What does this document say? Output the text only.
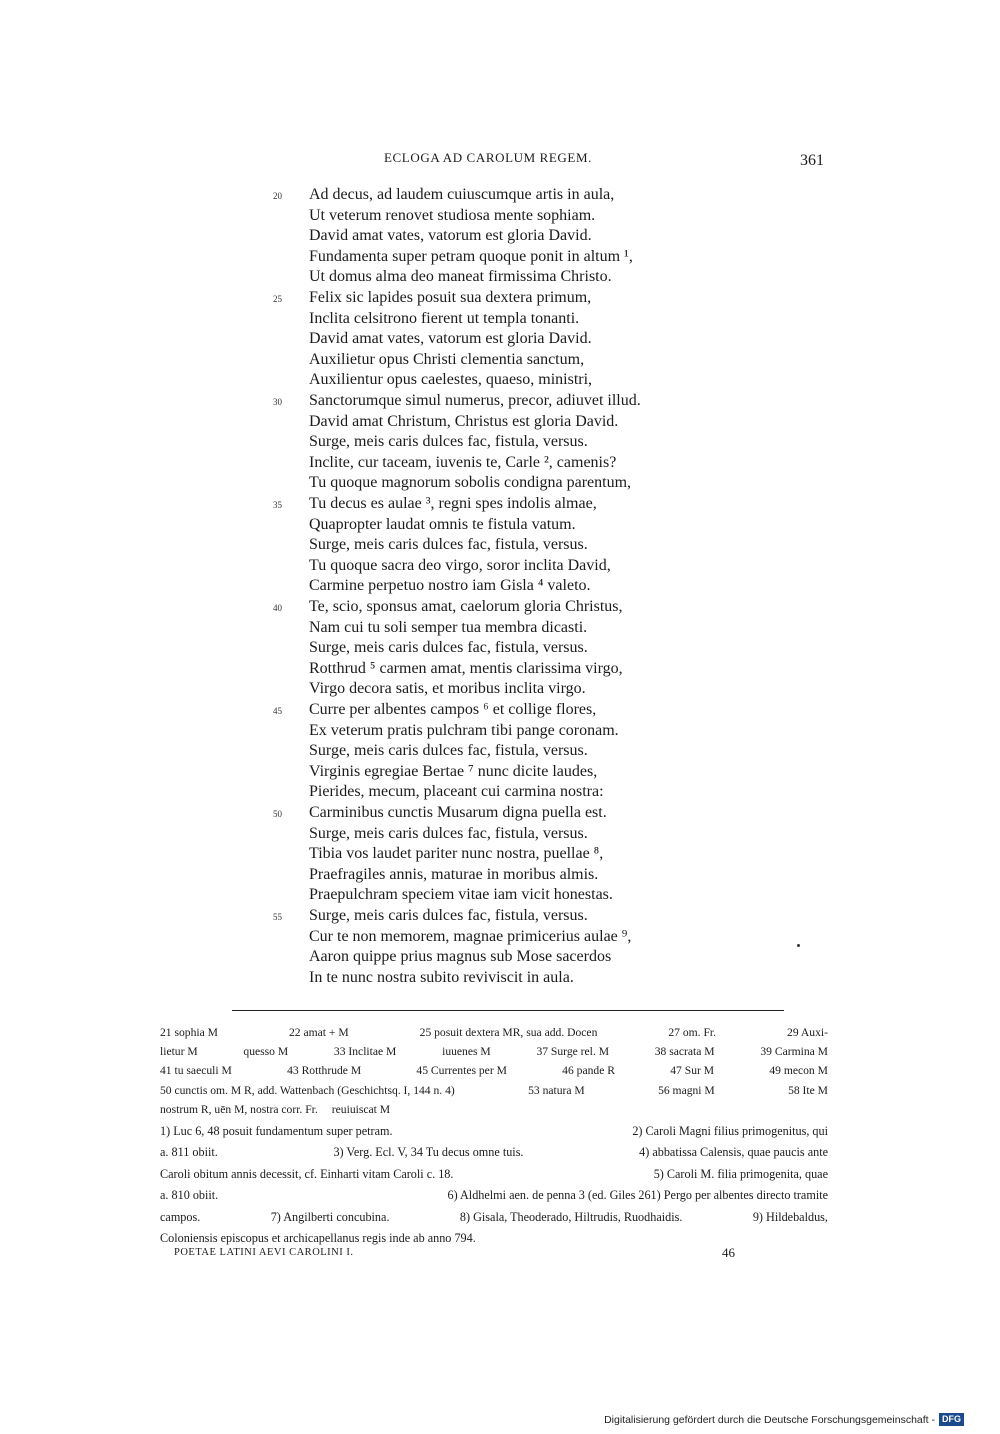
ECLOGA AD CAROLUM REGEM.	361
Ad decus, ad laudem cuiuscumque artis in aula,
20
Ut veterum renovet studiosa mente sophiam.
David amat vates, vatorum est gloria David.
Fundamenta super petram quoque ponit in altum ¹,
Ut domus alma deo maneat firmissima Christo.
Felix sic lapides posuit sua dextera primum,
25
Inclita celsitrono fierent ut templa tonanti.
David amat vates, vatorum est gloria David.
Auxilietur opus Christi clementia sanctum,
Auxilientur opus caelestes, quaeso, ministri,
Sanctorumque simul numerus, precor, adiuvet illud.
30
David amat Christum, Christus est gloria David.
Surge, meis caris dulces fac, fistula, versus.
Inclite, cur taceam, iuvenis te, Carle ², camenis?
Tu quoque magnorum sobolis condigna parentum,
Tu decus es aulae ³, regni spes indolis almae,
35
Quapropter laudat omnis te fistula vatum.
Surge, meis caris dulces fac, fistula, versus.
Tu quoque sacra deo virgo, soror inclita David,
Carmine perpetuo nostro iam Gisla ⁴ valeto.
Te, scio, sponsus amat, caelorum gloria Christus,
40
Nam cui tu soli semper tua membra dicasti.
Surge, meis caris dulces fac, fistula, versus.
Rotthrud ⁵ carmen amat, mentis clarissima virgo,
Virgo decora satis, et moribus inclita virgo.
Curre per albentes campos ⁶ et collige flores,
45
Ex veterum pratis pulchram tibi pange coronam.
Surge, meis caris dulces fac, fistula, versus.
Virginis egregiae Bertae ⁷ nunc dicite laudes,
Pierides, mecum, placeant cui carmina nostra:
Carminibus cunctis Musarum digna puella est.
50
Surge, meis caris dulces fac, fistula, versus.
Tibia vos laudet pariter nunc nostra, puellae ⁸,
Praefragiles annis, maturae in moribus almis.
Praepulchram speciem vitae iam vicit honestas.
Surge, meis caris dulces fac, fistula, versus.
55
Cur te non memorem, magnae primicerius aulae ⁹,
Aaron quippe prius magnus sub Mose sacerdos
In te nunc nostra subito reviviscit in aula.
21 sophia M	22 amat + M	25 posuit dextera MR, sua add. Docen	27 om. Fr.	29 Auxi-
lietur M	quesso M	33 Inclitae M	iuuenes M	37 Surge rel. M	38 sacrata M	39 Carmina M
41 tu saeculi M	43 Rotthrude M	45 Currentes per M	46 pande R	47 Sur M	49 mecon M
50 cunctis om. M R, add. Wattenbach (Geschichtsq. I, 144 n. 4)	53 natura M	56 magni M	58 Ite M
nostrum R, uēn M, nostra corr. Fr. reuiuiscat M
1) Luc 6, 48 posuit fundamentum super petram.	2) Caroli Magni filius primogenitus, qui
a. 811 obiit.	3) Verg. Ecl. V, 34 Tu decus omne tuis.	4) abbatissa Calensis, quae paucis ante
Caroli obitum annis decessit, cf. Einharti vitam Caroli c. 18.	5) Caroli M. filia primogenita, quae
a. 810 obiit.	6) Aldhelmi aen. de penna 3 (ed. Giles 261) Pergo per albentes directo tramite
campos.	7) Angilberti concubina.	8) Gisala, Theoderado, Hiltrudis, Ruodhaidis.	9) Hildebaldus,
Coloniensis episcopus et archicapellanus regis inde ab anno 794.
POETAE LATINI AEVI CAROLINI I.	46
Digitalisierung gefördert durch die Deutsche Forschungsgemeinschaft - DFG
